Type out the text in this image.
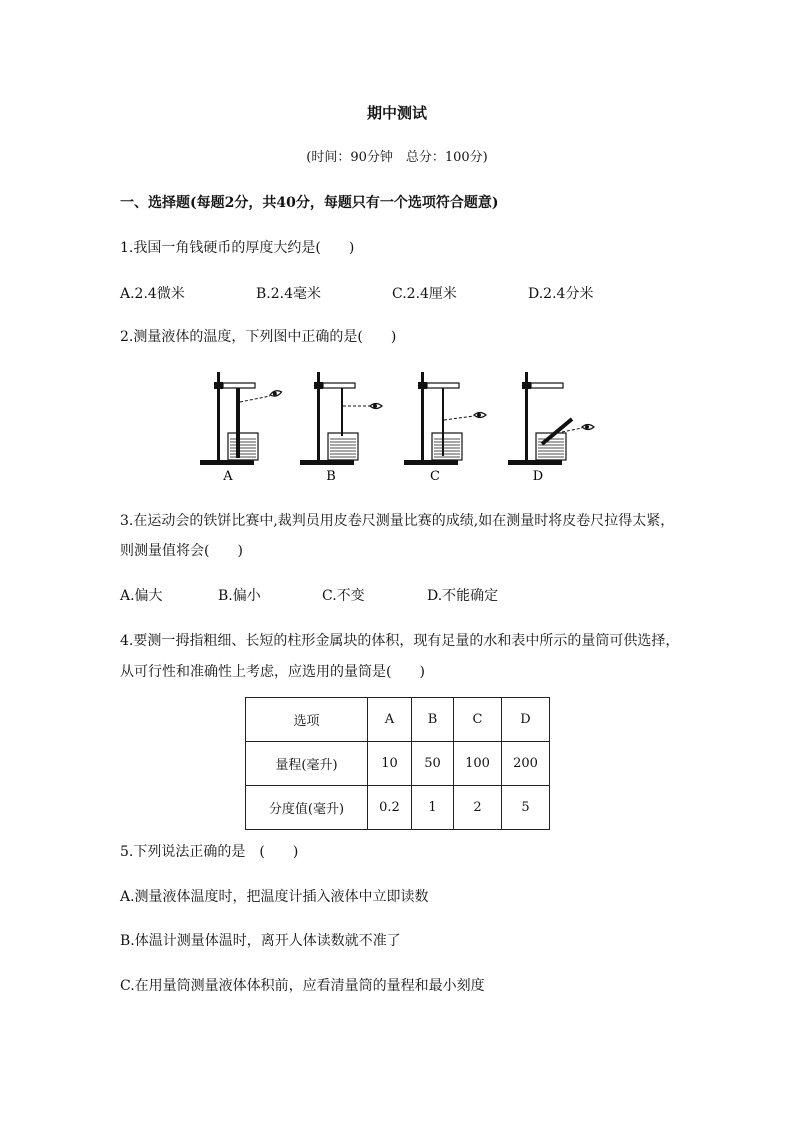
期中测试
(时间：90分钟　总分：100分)
一、选择题(每题2分，共40分，每题只有一个选项符合题意)
1.我国一角钱硬币的厚度大约是(　　)
A.2.4微米	B.2.4毫米	C.2.4厘米	D.2.4分米
2.测量液体的温度，下列图中正确的是(　　)
A	B	C	D
3.在运动会的铁饼比赛中,裁判员用皮卷尺测量比赛的成绩,如在测量时将皮卷尺拉得太紧，
则测量值将会(　　)
A.偏大	B.偏小	C.不变	D.不能确定
4.要测一拇指粗细、长短的柱形金属块的体积，现有足量的水和表中所示的量筒可供选择，
从可行性和准确性上考虑，应选用的量筒是(　　)
选项	A	B	C	D
量程(毫升)	10	50	100	200
分度值(毫升)	0.2	1	2	5
5.下列说法正确的是　(　　)
A.测量液体温度时，把温度计插入液体中立即读数
B.体温计测量体温时，离开人体读数就不准了
C.在用量筒测量液体体积前，应看清量筒的量程和最小刻度
